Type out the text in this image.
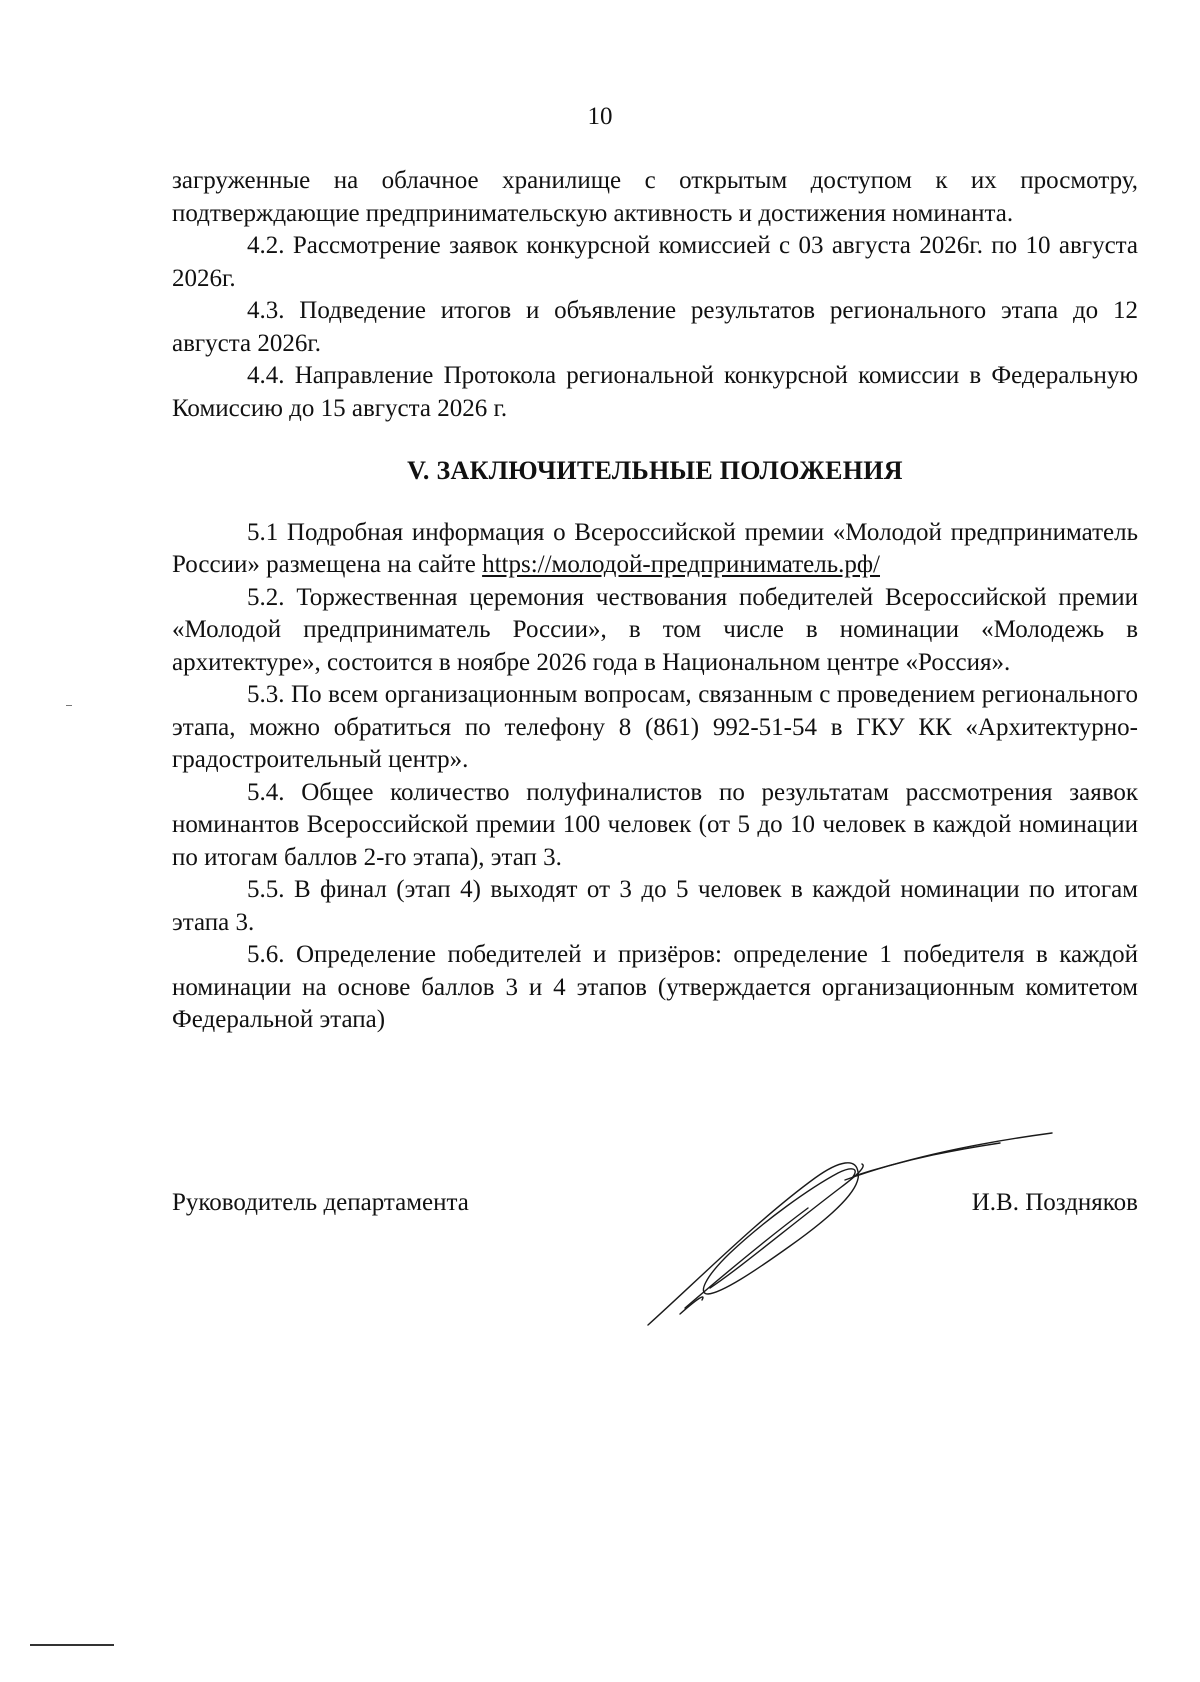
10

загруженные на облачное хранилище с открытым доступом к их просмотру, подтверждающие предпринимательскую активность и достижения номинанта.

4.2. Рассмотрение заявок конкурсной комиссией с 03 августа 2026г. по 10 августа 2026г.

4.3. Подведение итогов и объявление результатов регионального этапа до 12 августа 2026г.

4.4. Направление Протокола региональной конкурсной комиссии в Федеральную Комиссию до 15 августа 2026 г.

V. ЗАКЛЮЧИТЕЛЬНЫЕ ПОЛОЖЕНИЯ

5.1 Подробная информация о Всероссийской премии «Молодой предприниматель России» размещена на сайте https://молодой-предприниматель.рф/

5.2. Торжественная церемония чествования победителей Всероссийской премии «Молодой предприниматель России», в том числе в номинации «Молодежь в архитектуре», состоится в ноябре 2026 года в Национальном центре «Россия».

5.3. По всем организационным вопросам, связанным с проведением регионального этапа, можно обратиться по телефону 8 (861) 992-51-54 в ГКУ КК «Архитектурно-градостроительный центр».

5.4. Общее количество полуфиналистов по результатам рассмотрения заявок номинантов Всероссийской премии 100 человек (от 5 до 10 человек в каждой номинации по итогам баллов 2-го этапа), этап 3.

5.5. В финал (этап 4) выходят от 3 до 5 человек в каждой номинации по итогам этапа 3.

5.6. Определение победителей и призёров: определение 1 победителя в каждой номинации на основе баллов 3 и 4 этапов (утверждается организационным комитетом Федеральной этапа)

Руководитель департамента	И.В. Поздняков
